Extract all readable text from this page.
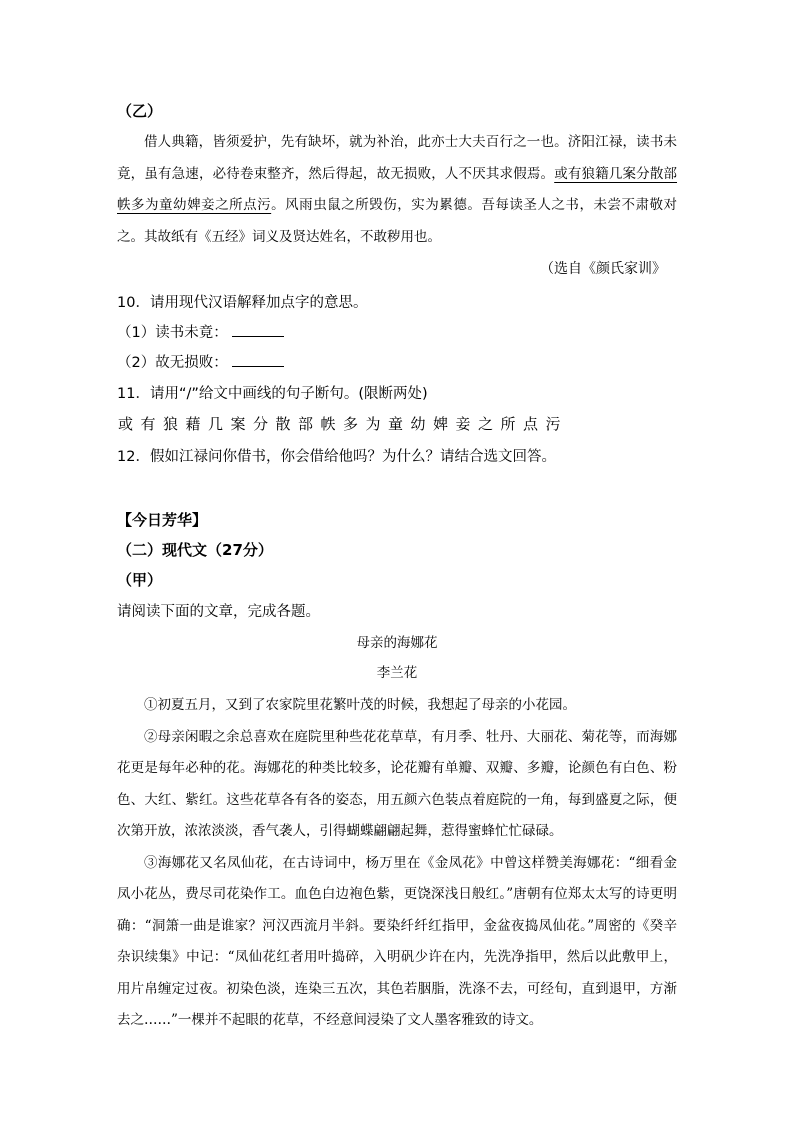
（乙）

借人典籍，皆须爱护，先有缺坏，就为补治，此亦士大夫百行之一也。济阳江禄，读书未竟，虽有急速，必待卷束整齐，然后得起，故无损败，人不厌其求假焉。或有狼籍几案分散部帙多为童幼婢妾之所点污。风雨虫鼠之所毁伤，实为累德。吾每读圣人之书，未尝不肃敬对之。其故纸有《五经》词义及贤达姓名，不敢秽用也。

（选自《颜氏家训》
10．请用现代汉语解释加点字的意思。
（1）读书未竟：
（2）故无损败：
11．请用“/”给文中画线的句子断句。(限断两处)
或有狼藉几案分散部帙多为童幼婢妾之所点污
12．假如江禄问你借书，你会借给他吗？为什么？请结合选文回答。
【今日芳华】
（二）现代文（27分）
（甲）
请阅读下面的文章，完成各题。
母亲的海娜花
李兰花

①初夏五月，又到了农家院里花繁叶茂的时候，我想起了母亲的小花园。

②母亲闲暇之余总喜欢在庭院里种些花花草草，有月季、牡丹、大丽花、菊花等，而海娜花更是每年必种的花。海娜花的种类比较多，论花瓣有单瓣、双瓣、多瓣，论颜色有白色、粉色、大红、紫红。这些花草各有各的姿态，用五颜六色装点着庭院的一角，每到盛夏之际，便次第开放，浓浓淡淡，香气袭人，引得蝴蝶翩翩起舞，惹得蜜蜂忙忙碌碌。

③海娜花又名凤仙花，在古诗词中，杨万里在《金凤花》中曾这样赞美海娜花：“细看金凤小花丛，费尽司花染作工。血色白边袍色紫，更饶深浅日般红。”唐朝有位郑太太写的诗更明确：“洞箫一曲是谁家？河汉西流月半斜。要染纤纤红指甲，金盆夜捣凤仙花。”周密的《癸辛杂识续集》中记：“凤仙花红者用叶捣碎，入明矾少许在内，先洗净指甲，然后以此敷甲上，用片帛缠定过夜。初染色淡，连染三五次，其色若胭脂，洗涤不去，可经旬，直到退甲，方渐去之……”一棵并不起眼的花草，不经意间浸染了文人墨客雅致的诗文。
